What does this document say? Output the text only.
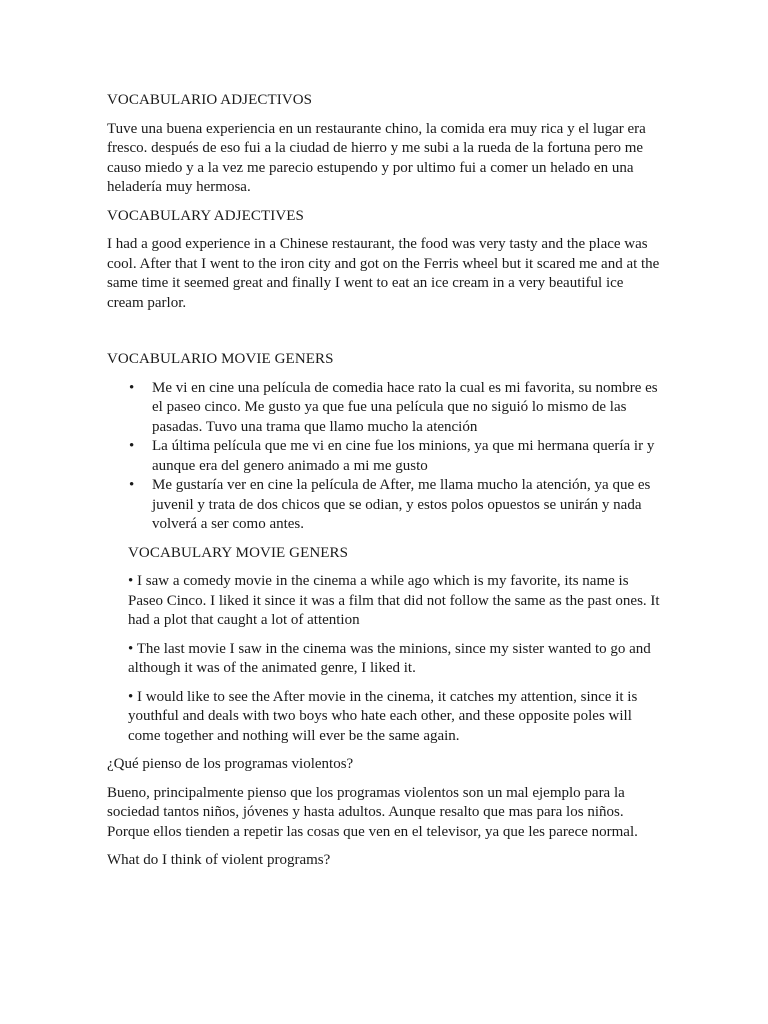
VOCABULARIO ADJECTIVOS

Tuve una buena experiencia en un restaurante chino, la comida era muy rica y el lugar era fresco. después de eso fui a la ciudad de hierro y me subi a la rueda de la fortuna pero me causo miedo y a la vez me parecio estupendo y por ultimo fui a comer un helado en una heladería muy hermosa.

VOCABULARY ADJECTIVES

I had a good experience in a Chinese restaurant, the food was very tasty and the place was cool. After that I went to the iron city and got on the Ferris wheel but it scared me and at the same time it seemed great and finally I went to eat an ice cream in a very beautiful ice cream parlor.

VOCABULARIO MOVIE GENERS

• Me vi en cine una película de comedia hace rato la cual es mi favorita, su nombre es el paseo cinco. Me gusto ya que fue una película que no siguió lo mismo de las pasadas. Tuvo una trama que llamo mucho la atención
• La última película que me vi en cine fue los minions, ya que mi hermana quería ir y aunque era del genero animado a mi me gusto
• Me gustaría ver en cine la película de After, me llama mucho la atención, ya que es juvenil y trata de dos chicos que se odian, y estos polos opuestos se unirán y nada volverá a ser como antes.

VOCABULARY MOVIE GENERS

• I saw a comedy movie in the cinema a while ago which is my favorite, its name is Paseo Cinco. I liked it since it was a film that did not follow the same as the past ones. It had a plot that caught a lot of attention

• The last movie I saw in the cinema was the minions, since my sister wanted to go and although it was of the animated genre, I liked it.

• I would like to see the After movie in the cinema, it catches my attention, since it is youthful and deals with two boys who hate each other, and these opposite poles will come together and nothing will ever be the same again.

¿Qué pienso de los programas violentos?

Bueno, principalmente pienso que los programas violentos son un mal ejemplo para la sociedad tantos niños, jóvenes y hasta adultos. Aunque resalto que mas para los niños. Porque ellos tienden a repetir las cosas que ven en el televisor, ya que les parece normal.

What do I think of violent programs?
